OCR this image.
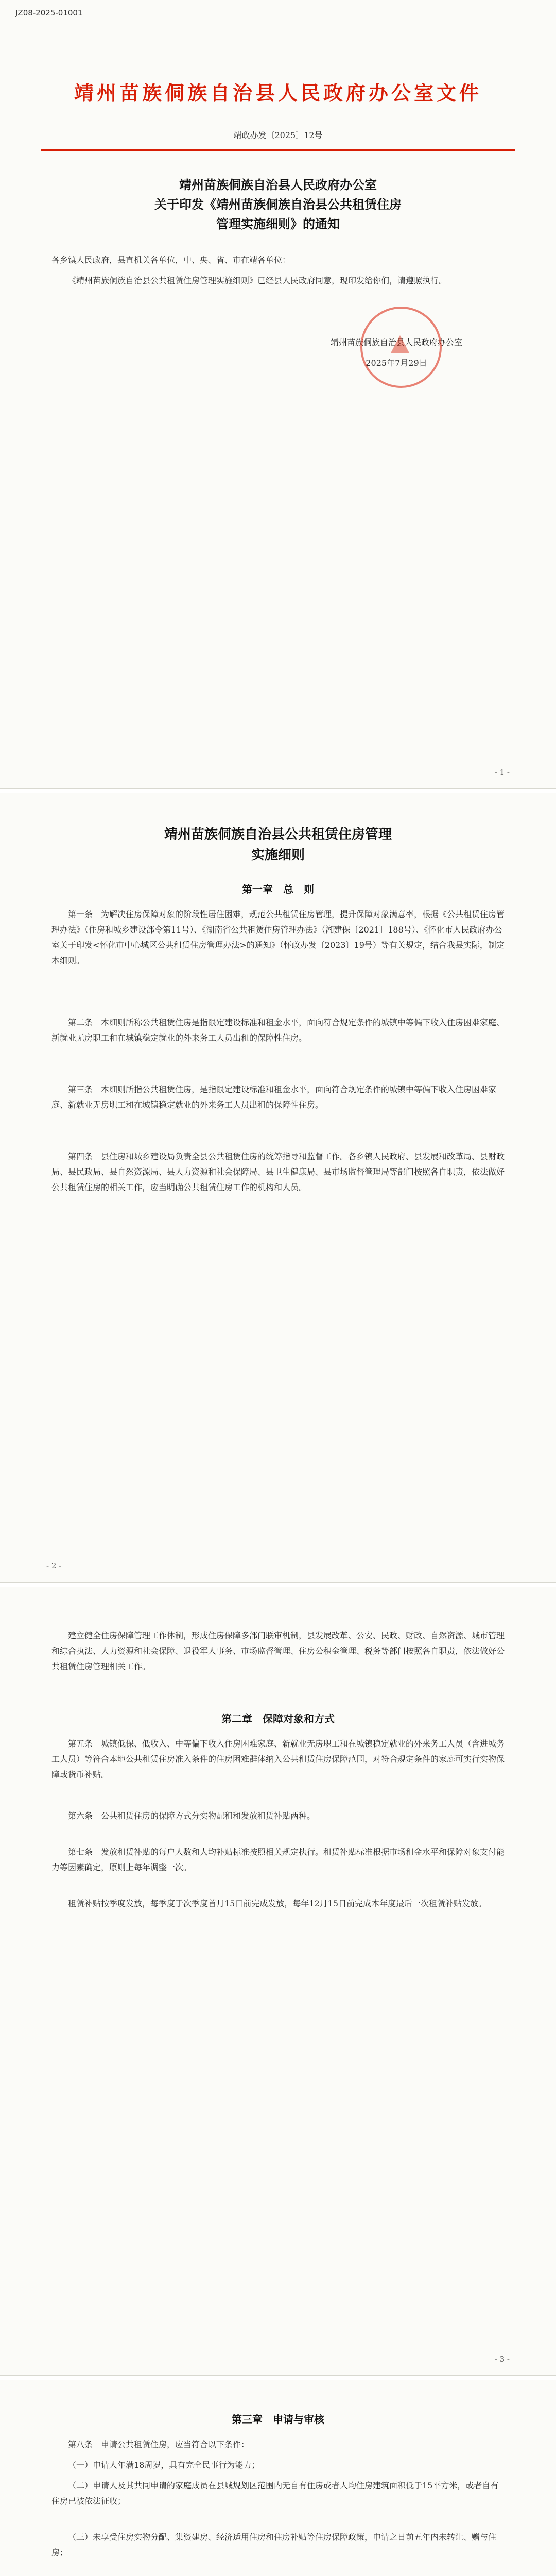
JZ08-2025-01001
靖州苗族侗族自治县人民政府办公室文件
靖政办发〔2025〕12号
靖州苗族侗族自治县人民政府办公室
关于印发《靖州苗族侗族自治县公共租赁住房
管理实施细则》的通知

各乡镇人民政府，县直机关各单位，中、央、省、市在靖各单位：

《靖州苗族侗族自治县公共租赁住房管理实施细则》已经县人民政府同意，现印发给你们，请遵照执行。

靖州苗族侗族自治县人民政府办公室

2025年7月29日

- 1 -
靖州苗族侗族自治县公共租赁住房管理
实施细则
第一章　总　则

第一条　为解决住房保障对象的阶段性居住困难，规范公共租赁住房管理，提升保障对象满意率，根据《公共租赁住房管理办法》（住房和城乡建设部令第11号）、《湖南省公共租赁住房管理办法》（湘建保〔2021〕188号）、《怀化市人民政府办公室关于印发<怀化市中心城区公共租赁住房管理办法>的通知》（怀政办发〔2023〕19号）等有关规定，结合我县实际，制定本细则。

第二条　本细则所称公共租赁住房是指限定建设标准和租金水平，面向符合规定条件的城镇中等偏下收入住房困难家庭、新就业无房职工和在城镇稳定就业的外来务工人员出租的保障性住房。

第三条　本细则所指公共租赁住房，是指限定建设标准和租金水平，面向符合规定条件的城镇中等偏下收入住房困难家庭、新就业无房职工和在城镇稳定就业的外来务工人员出租的保障性住房。

第四条　县住房和城乡建设局负责全县公共租赁住房的统筹指导和监督工作。各乡镇人民政府、县发展和改革局、县财政局、县民政局、县自然资源局、县人力资源和社会保障局、县卫生健康局、县市场监督管理局等部门按照各自职责，依法做好公共租赁住房的相关工作，应当明确公共租赁住房工作的机构和人员。

- 2 -

建立健全住房保障管理工作体制，形成住房保障多部门联审机制，县发展改革、公安、民政、财政、自然资源、城市管理和综合执法、人力资源和社会保障、退役军人事务、市场监督管理、住房公积金管理、税务等部门按照各自职责，依法做好公共租赁住房管理相关工作。

第二章　保障对象和方式

第五条　城镇低保、低收入、中等偏下收入住房困难家庭、新就业无房职工和在城镇稳定就业的外来务工人员（含进城务工人员）等符合本地公共租赁住房准入条件的住房困难群体纳入公共租赁住房保障范围，对符合规定条件的家庭可实行实物保障或货币补贴。

第六条　公共租赁住房的保障方式分实物配租和发放租赁补贴两种。

第七条　发放租赁补贴的每户人数和人均补贴标准按照相关规定执行。租赁补贴标准根据市场租金水平和保障对象支付能力等因素确定，原则上每年调整一次。

租赁补贴按季度发放，每季度于次季度首月15日前完成发放，每年12月15日前完成本年度最后一次租赁补贴发放。

- 3 -
第三章　申请与审核

第八条　申请公共租赁住房，应当符合以下条件：

（一）申请人年满18周岁，具有完全民事行为能力；

（二）申请人及其共同申请的家庭成员在县城规划区范围内无自有住房或者人均住房建筑面积低于15平方米，或者自有住房已被依法征收；

（三）未享受住房实物分配、集资建房、经济适用住房和住房补贴等住房保障政策，申请之日前五年内未转让、赠与住房；
